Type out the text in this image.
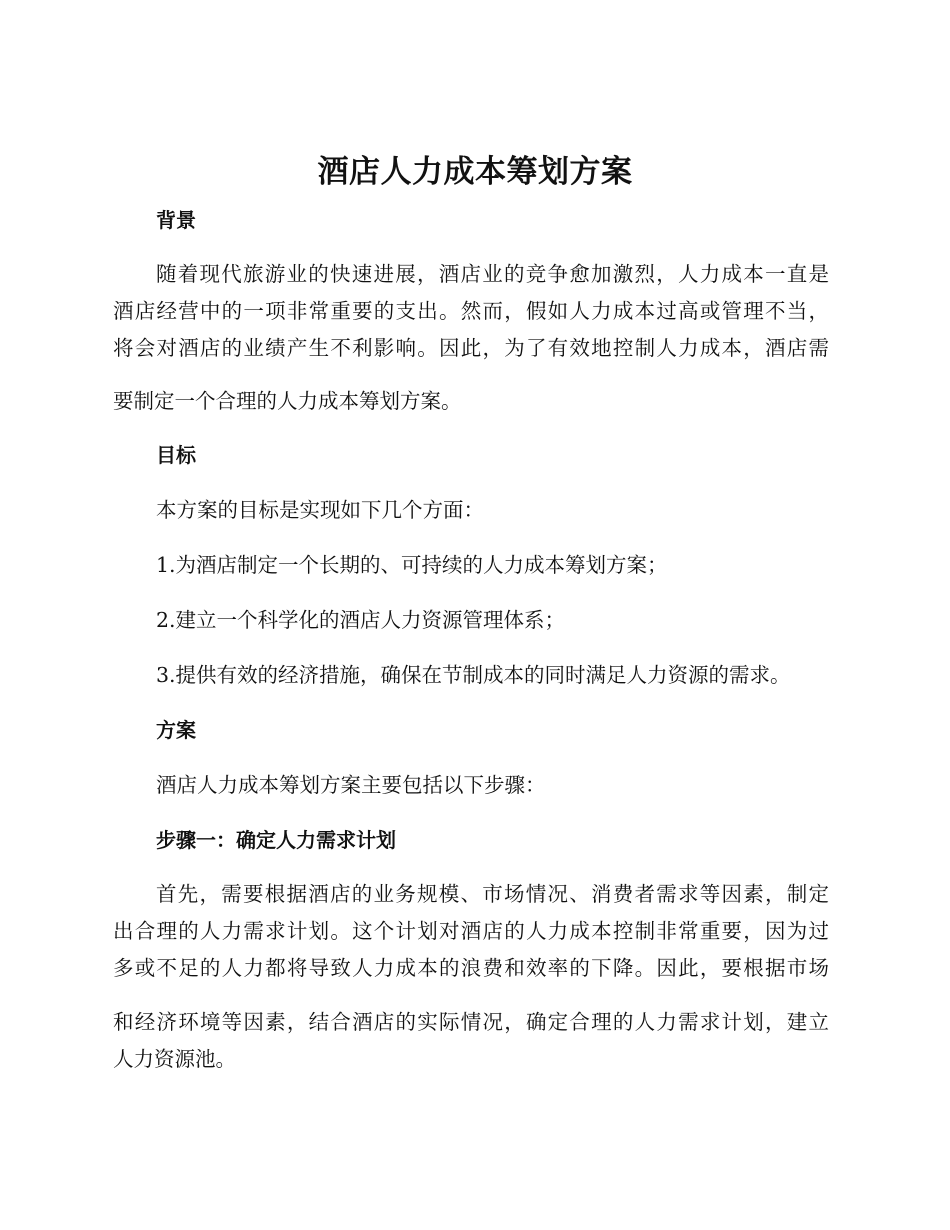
酒店人力成本筹划方案
背景
随着现代旅游业的快速进展，酒店业的竞争愈加激烈，人力成本一直是
酒店经营中的一项非常重要的支出。然而，假如人力成本过高或管理不当，
将会对酒店的业绩产生不利影响。因此，为了有效地控制人力成本，酒店需
要制定一个合理的人力成本筹划方案。
目标
本方案的目标是实现如下几个方面：
1.为酒店制定一个长期的、可持续的人力成本筹划方案；
2.建立一个科学化的酒店人力资源管理体系；
3.提供有效的经济措施，确保在节制成本的同时满足人力资源的需求。
方案
酒店人力成本筹划方案主要包括以下步骤：
步骤一：确定人力需求计划
首先，需要根据酒店的业务规模、市场情况、消费者需求等因素，制定
出合理的人力需求计划。这个计划对酒店的人力成本控制非常重要，因为过
多或不足的人力都将导致人力成本的浪费和效率的下降。因此，要根据市场
和经济环境等因素，结合酒店的实际情况，确定合理的人力需求计划，建立
人力资源池。
